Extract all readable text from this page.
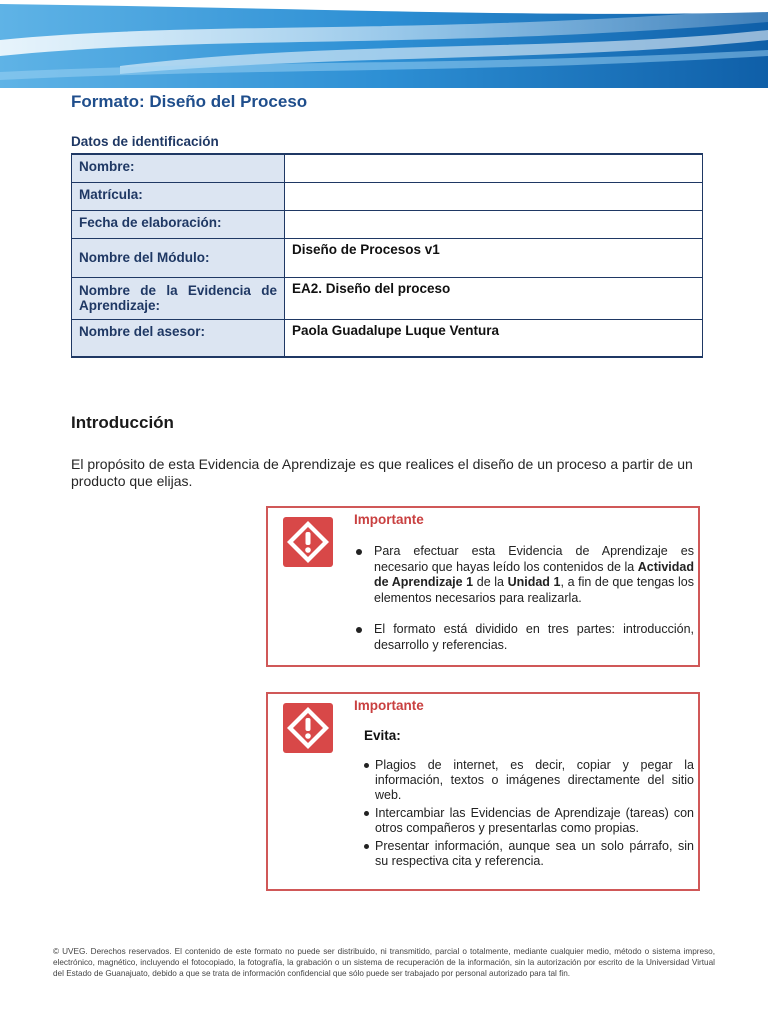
Formato: Diseño del Proceso
Datos de identificación
Nombre:	
Matrícula:	
Fecha de elaboración:	
Nombre del Módulo:	Diseño de Procesos v1
Nombre de la Evidencia de Aprendizaje:	EA2. Diseño del proceso
Nombre del asesor:	Paola Guadalupe Luque Ventura
Introducción
El propósito de esta Evidencia de Aprendizaje es que realices el diseño de un proceso a partir de un producto que elijas.
Importante
Para efectuar esta Evidencia de Aprendizaje es necesario que hayas leído los contenidos de la Actividad de Aprendizaje 1 de la Unidad 1, a fin de que tengas los elementos necesarios para realizarla.
El formato está dividido en tres partes: introducción, desarrollo y referencias.
Importante
Evita:
Plagios de internet, es decir, copiar y pegar la información, textos o imágenes directamente del sitio web.
Intercambiar las Evidencias de Aprendizaje (tareas) con otros compañeros y presentarlas como propias.
Presentar información, aunque sea un solo párrafo, sin su respectiva cita y referencia.
© UVEG. Derechos reservados. El contenido de este formato no puede ser distribuido, ni transmitido, parcial o totalmente, mediante cualquier medio, método o sistema impreso, electrónico, magnético, incluyendo el fotocopiado, la fotografía, la grabación o un sistema de recuperación de la información, sin la autorización por escrito de la Universidad Virtual del Estado de Guanajuato, debido a que se trata de información confidencial que sólo puede ser trabajado por personal autorizado para tal fin.
